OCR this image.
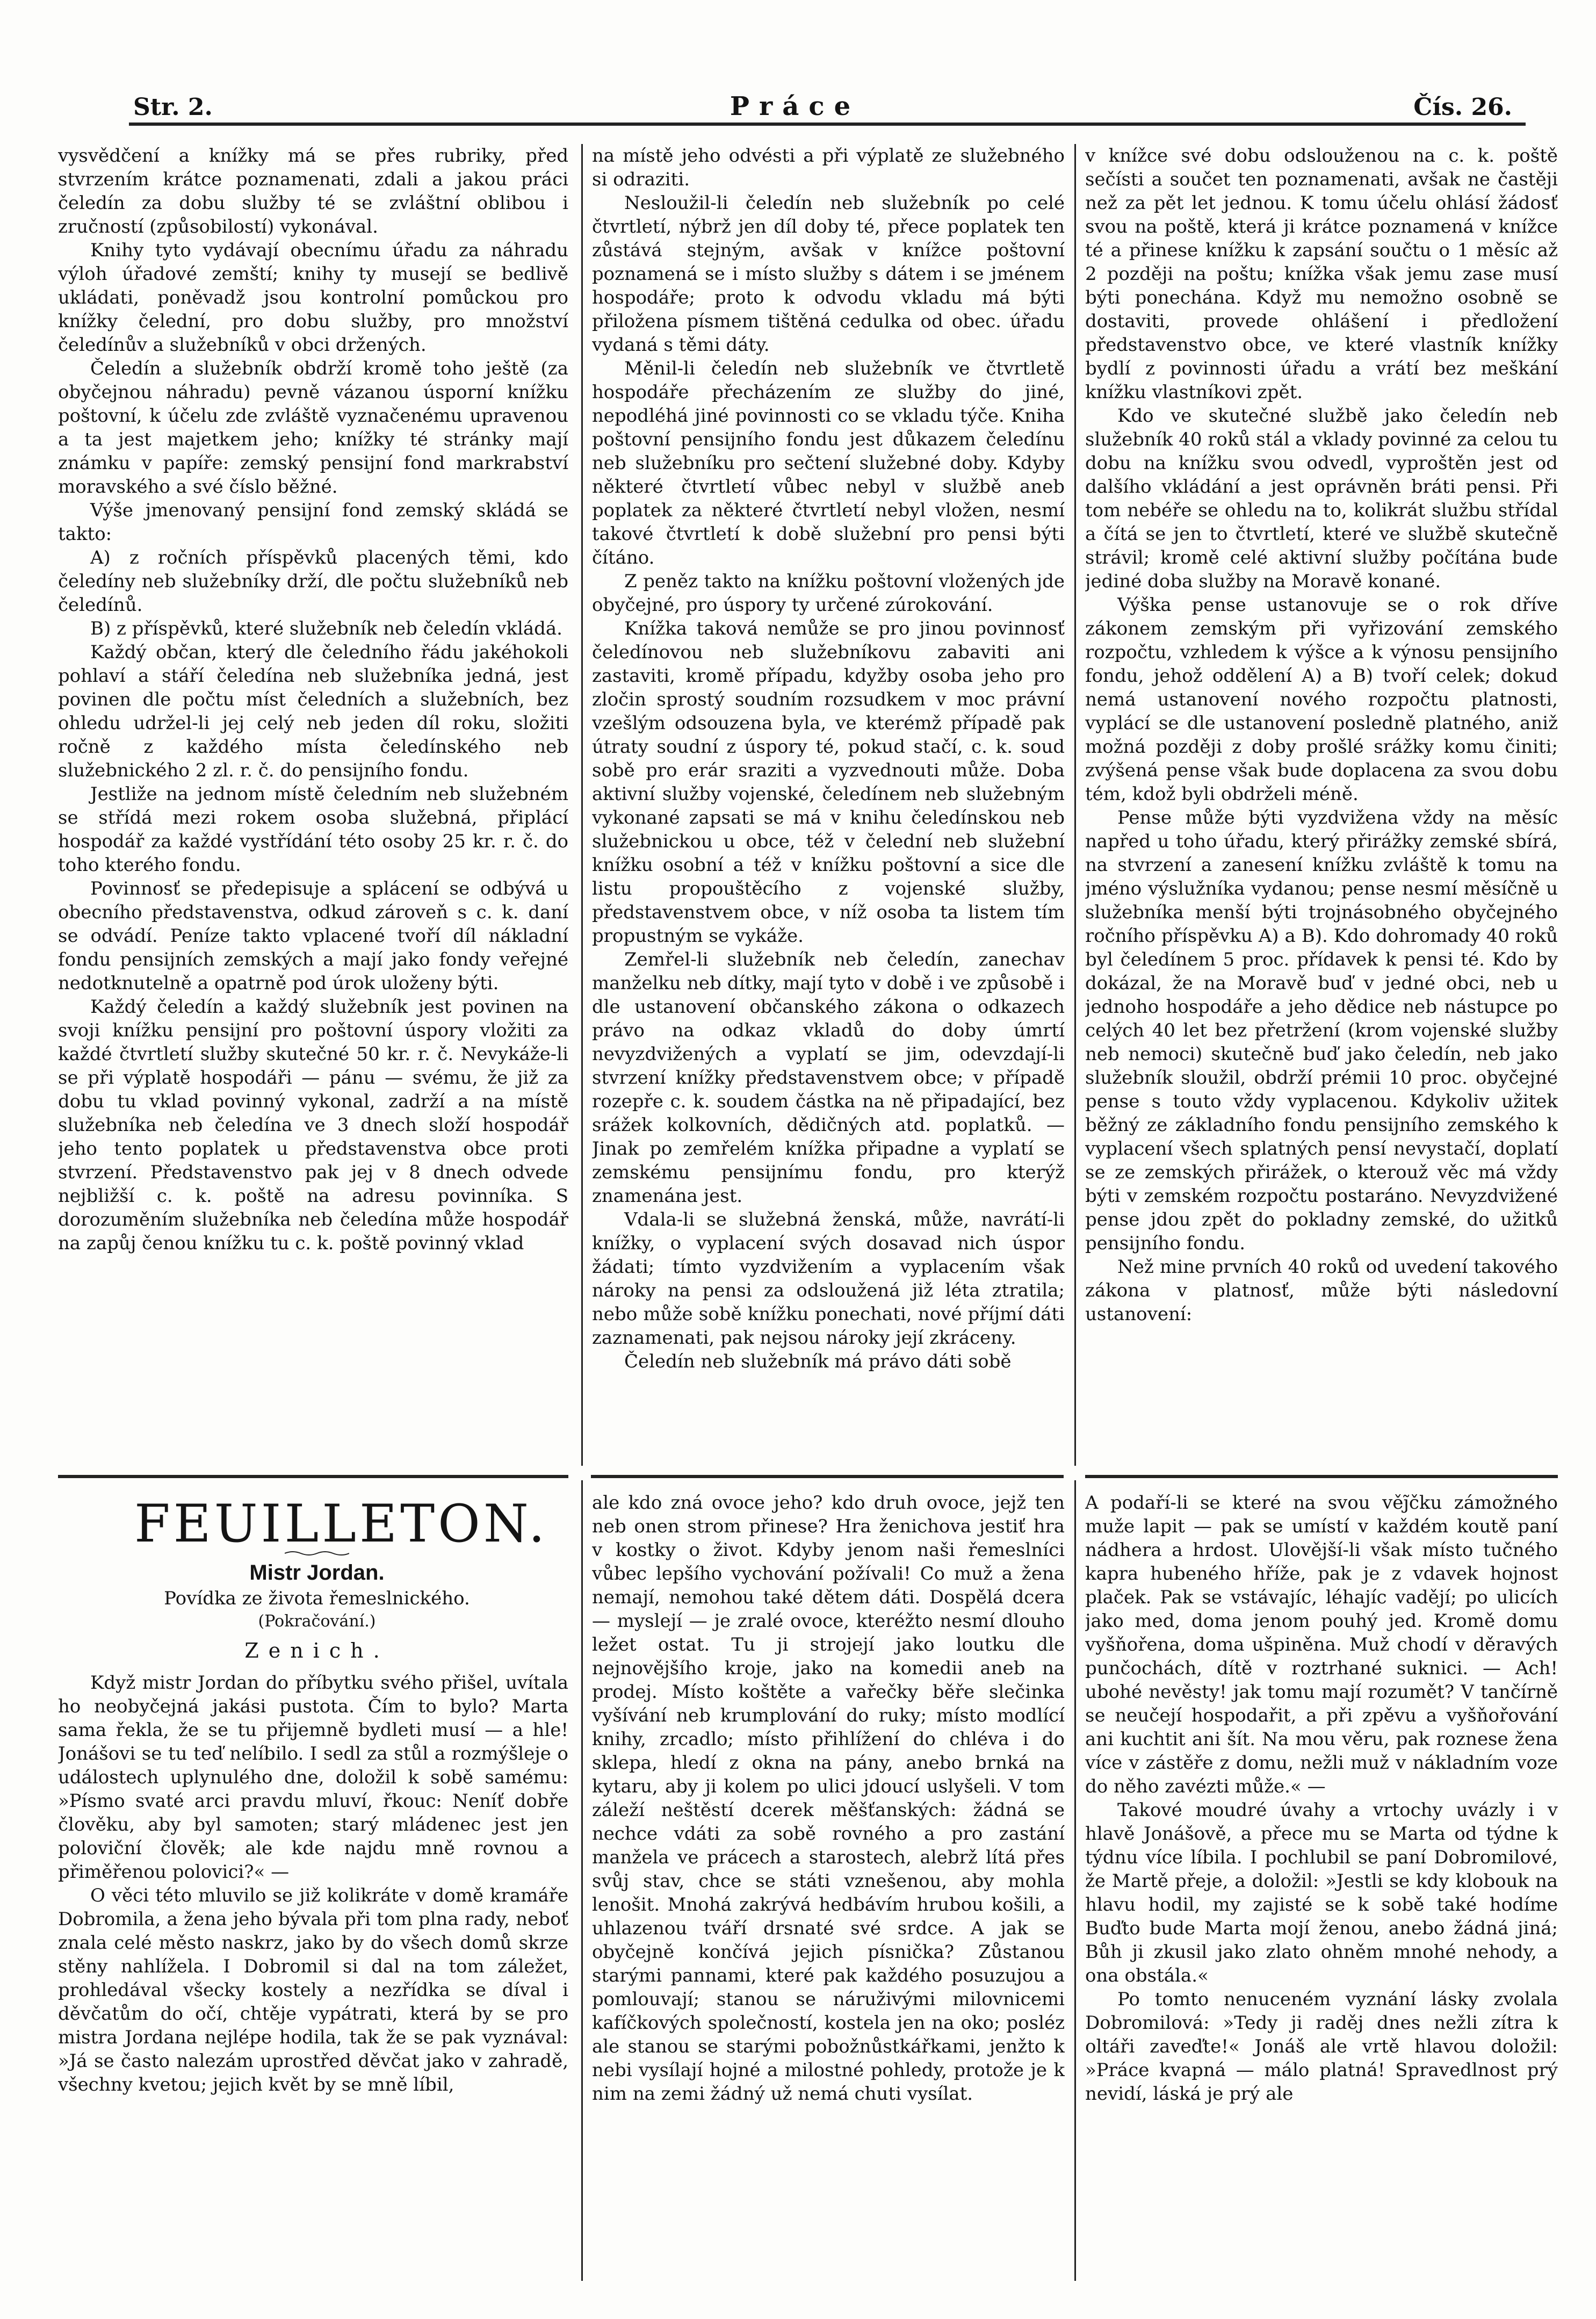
Str. 2.	Práce	Čís. 26.

vysvědčení a knížky má se přes rubriky, před stvrzením krátce poznamenati, zdali a jakou práci čeledín za dobu služby té se zvláštní oblibou i zručností (způsobilostí) vykonával.

Knihy tyto vydávají obecnímu úřadu za náhradu výloh úřadové zemští; knihy ty musejí se bedlivě ukládati, poněvadž jsou kontrolní pomůckou pro knížky čelední, pro dobu služby, pro množství čeledínův a služebníků v obci držených.

Čeledín a služebník obdrží kromě toho ještě (za obyčejnou náhradu) pevně vázanou úsporní knížku poštovní, k účelu zde zvláště vyznačenému upravenou a ta jest majetkem jeho; knížky té stránky mají známku v papíře: zemský pensijní fond markrabství moravského a své číslo běžné.

Výše jmenovaný pensijní fond zemský skládá se takto:

A) z ročních příspěvků placených těmi, kdo čeledíny neb služebníky drží, dle počtu služebníků neb čeledínů.

B) z příspěvků, které služebník neb čeledín vkládá.

Každý občan, který dle čeledního řádu jakéhokoli pohlaví a stáří čeledína neb služebníka jedná, jest povinen dle počtu míst čeledních a služebních, bez ohledu udržel-li jej celý neb jeden díl roku, složiti ročně z každého místa čeledínského neb služebnického 2 zl. r. č. do pensijního fondu.

Jestliže na jednom místě čeledním neb služebném se střídá mezi rokem osoba služebná, připlácí hospodář za každé vystřídání této osoby 25 kr. r. č. do toho kterého fondu.

Povinnosť se předepisuje a splácení se odbývá u obecního představenstva, odkud zároveň s c. k. daní se odvádí. Peníze takto vplacené tvoří díl nákladní fondu pensijních zemských a mají jako fondy veřejné nedotknutelně a opatrně pod úrok uloženy býti.

Každý čeledín a každý služebník jest povinen na svoji knížku pensijní pro poštovní úspory vložiti za každé čtvrtletí služby skutečné 50 kr. r. č. Nevykáže-li se při výplatě hospodáři — pánu — svému, že již za dobu tu vklad povinný vykonal, zadrží a na místě služebníka neb čeledína ve 3 dnech složí hospodář jeho tento poplatek u představenstva obce proti stvrzení. Představenstvo pak jej v 8 dnech odvede nejbližší c. k. poště na adresu povinníka. S dorozuměním služebníka neb čeledína může hospodář na zapůj čenou knížku tu c. k. poště povinný vklad

na místě jeho odvésti a při výplatě ze služebného si odraziti.

Nesloužil-li čeledín neb služebník po celé čtvrtletí, nýbrž jen díl doby té, přece poplatek ten zůstává stejným, avšak v knížce poštovní poznamená se i místo služby s dátem i se jménem hospodáře; proto k odvodu vkladu má býti přiložena písmem tištěná cedulka od obec. úřadu vydaná s těmi dáty.

Měnil-li čeledín neb služebník ve čtvrtletě hospodáře přecházením ze služby do jiné, nepodléhá jiné povinnosti co se vkladu týče. Kniha poštovní pensijního fondu jest důkazem čeledínu neb služebníku pro sečtení služebné doby. Kdyby některé čtvrtletí vůbec nebyl v službě aneb poplatek za některé čtvrtletí nebyl vložen, nesmí takové čtvrtletí k době služební pro pensi býti čítáno.

Z peněz takto na knížku poštovní vložených jde obyčejné, pro úspory ty určené zúrokování.

Knížka taková nemůže se pro jinou povinnosť čeledínovou neb služebníkovu zabaviti ani zastaviti, kromě případu, kdyžby osoba jeho pro zločin sprostý soudním rozsudkem v moc právní vzešlým odsouzena byla, ve kterémž případě pak útraty soudní z úspory té, pokud stačí, c. k. soud sobě pro erár sraziti a vyzvednouti může. Doba aktivní služby vojenské, čeledínem neb služebným vykonané zapsati se má v knihu čeledínskou neb služebnickou u obce, též v čelední neb služební knížku osobní a též v knížku poštovní a sice dle listu propouštěcího z vojenské služby, představenstvem obce, v níž osoba ta listem tím propustným se vykáže.

Zemřel-li služebník neb čeledín, zanechav manželku neb dítky, mají tyto v době i ve způsobě i dle ustanovení občanského zákona o odkazech právo na odkaz vkladů do doby úmrtí nevyzdvižených a vyplatí se jim, odevzdají-li stvrzení knížky představenstvem obce; v případě rozepře c. k. soudem částka na ně připadající, bez srážek kolkovních, dědičných atd. poplatků. — Jinak po zemřelém knížka připadne a vyplatí se zemskému pensijnímu fondu, pro kterýž znamenána jest.

Vdala-li se služebná ženská, může, navrátí-li knížky, o vyplacení svých dosavad nich úspor žádati; tímto vyzdvižením a vyplacením však nároky na pensi za odsloužená již léta ztratila; nebo může sobě knížku ponechati, nové příjmí dáti zaznamenati, pak nejsou nároky její zkráceny.

Čeledín neb služebník má právo dáti sobě

v knížce své dobu odslouženou na c. k. poště sečísti a součet ten poznamenati, avšak ne častěji než za pět let jednou. K tomu účelu ohlásí žádosť svou na poště, která ji krátce poznamená v knížce té a přinese knížku k zapsání součtu o 1 měsíc až 2 později na poštu; knížka však jemu zase musí býti ponechána. Když mu nemožno osobně se dostaviti, provede ohlášení i předložení představenstvo obce, ve které vlastník knížky bydlí z povinnosti úřadu a vrátí bez meškání knížku vlastníkovi zpět.

Kdo ve skutečné službě jako čeledín neb služebník 40 roků stál a vklady povinné za celou tu dobu na knížku svou odvedl, vyproštěn jest od dalšího vkládání a jest oprávněn bráti pensi. Při tom nebéře se ohledu na to, kolikrát službu střídal a čítá se jen to čtvrtletí, které ve službě skutečně strávil; kromě celé aktivní služby počítána bude jediné doba služby na Moravě konané.

Výška pense ustanovuje se o rok dříve zákonem zemským při vyřizování zemského rozpočtu, vzhledem k výšce a k výnosu pensijního fondu, jehož oddělení A) a B) tvoří celek; dokud nemá ustanovení nového rozpočtu platnosti, vyplácí se dle ustanovení posledně platného, aniž možná později z doby prošlé srážky komu činiti; zvýšená pense však bude doplacena za svou dobu tém, kdož byli obdrželi méně.

Pense může býti vyzdvižena vždy na měsíc napřed u toho úřadu, který přirážky zemské sbírá, na stvrzení a zanesení knížku zvláště k tomu na jméno výslužníka vydanou; pense nesmí měsíčně u služebníka menší býti trojnásobného obyčejného ročního příspěvku A) a B). Kdo dohromady 40 roků byl čeledínem 5 proc. přídavek k pensi té. Kdo by dokázal, že na Moravě buď v jedné obci, neb u jednoho hospodáře a jeho dědice neb nástupce po celých 40 let bez přetržení (krom vojenské služby neb nemoci) skutečně buď jako čeledín, neb jako služebník sloužil, obdrží prémii 10 proc. obyčejné pense s touto vždy vyplacenou. Kdykoliv užitek běžný ze základního fondu pensijního zemského k vyplacení všech splatných pensí nevystačí, doplatí se ze zemských přirážek, o kterouž věc má vždy býti v zemském rozpočtu postaráno. Nevyzdvižené pense jdou zpět do pokladny zemské, do užitků pensijního fondu.

Než mine prvních 40 roků od uvedení takového zákona v platnosť, může býti následovní ustanovení:

FEUILLETON.
Mistr Jordan.
Povídka ze života řemeslnického.
(Pokračování.)
Zenich.

Když mistr Jordan do příbytku svého přišel, uvítala ho neobyčejná jakási pustota. Čím to bylo? Marta sama řekla, že se tu přijemně bydleti musí — a hle! Jonášovi se tu teď nelíbilo. I sedl za stůl a rozmýšleje o událostech uplynulého dne, doložil k sobě samému: »Písmo svaté arci pravdu mluví, řkouc: Neníť dobře člověku, aby byl samoten; starý mládenec jest jen poloviční člověk; ale kde najdu mně rovnou a přiměřenou polovici?« —

O věci této mluvilo se již kolikráte v domě kramáře Dobromila, a žena jeho bývala při tom plna rady, neboť znala celé město naskrz, jako by do všech domů skrze stěny nahlížela. I Dobromil si dal na tom záležet, prohledával všecky kostely a nezřídka se díval i děvčatům do očí, chtěje vypátrati, která by se pro mistra Jordana nejlépe hodila, tak že se pak vyznával: »Já se často nalezám uprostřed děvčat jako v zahradě, všechny kvetou; jejich květ by se mně líbil,

ale kdo zná ovoce jeho? kdo druh ovoce, jejž ten neb onen strom přinese? Hra ženichova jestiť hra v kostky o život. Kdyby jenom naši řemeslníci vůbec lepšího vychování požívali! Co muž a žena nemají, nemohou také dětem dáti. Dospělá dcera — myslejí — je zralé ovoce, kteréžto nesmí dlouho ležet ostat. Tu ji strojejí jako loutku dle nejnovějšího kroje, jako na komedii aneb na prodej. Místo koštěte a vařečky běře slečinka vyšívání neb krumplování do ruky; místo modlící knihy, zrcadlo; místo přihlížení do chléva i do sklepa, hledí z okna na pány, anebo brnká na kytaru, aby ji kolem po ulici jdoucí uslyšeli. V tom záleží neštěstí dcerek měšťanských: žádná se nechce vdáti za sobě rovného a pro zastání manžela ve prácech a starostech, alebrž lítá přes svůj stav, chce se státi vznešenou, aby mohla lenošit. Mnohá zakrývá hedbávím hrubou košili, a uhlazenou tváří drsnaté své srdce. A jak se obyčejně končívá jejich písnička? Zůstanou starými pannami, které pak každého posuzujou a pomlouvají; stanou se náruživými milovnicemi kafíčkových společností, kostela jen na oko; posléz ale stanou se starými pobožnůstkářkami, jenžto k nebi vysílají hojné a milostné pohledy, protože je k nim na zemi žádný už nemá chuti vysílat.

A podaří-li se které na svou věj̃čku zámožného muže lapit — pak se umístí v každém koutě paní nádhera a hrdost. Ulovější-li však místo tučného kapra hubeného hříže, pak je z vdavek hojnost plaček. Pak se vstávajíc, léhajíc vadějí; po ulicích jako med, doma jenom pouhý jed. Kromě domu vyšňořena, doma ušpiněna. Muž chodí v děravých punčochách, dítě v roztrhané suknici. — Ach! ubohé nevěsty! jak tomu mají rozumět? V tančírně se neučejí hospodařit, a při zpěvu a vyšňořování ani kuchtit ani šít. Na mou věru, pak roznese žena více v zástěře z domu, nežli muž v nákladním voze do něho zavézti může.« —

Takové moudré úvahy a vrtochy uvázly i v hlavě Jonášově, a přece mu se Marta od týdne k týdnu více líbila. I pochlubil se paní Dobromilové, že Martě přeje, a doložil: »Jestli se kdy klobouk na hlavu hodil, my zajisté se k sobě také hodíme Buďto bude Marta mojí ženou, anebo žádná jiná; Bůh ji zkusil jako zlato ohněm mnohé nehody, a ona obstála.«

Po tomto nenuceném vyznání lásky zvolala Dobromilová: »Tedy ji raděj dnes nežli zítra k oltáři zaveďte!« Jonáš ale vrtě hlavou doložil: »Práce kvapná — málo platná! Spravedlnost prý nevidí, láská je prý ale
